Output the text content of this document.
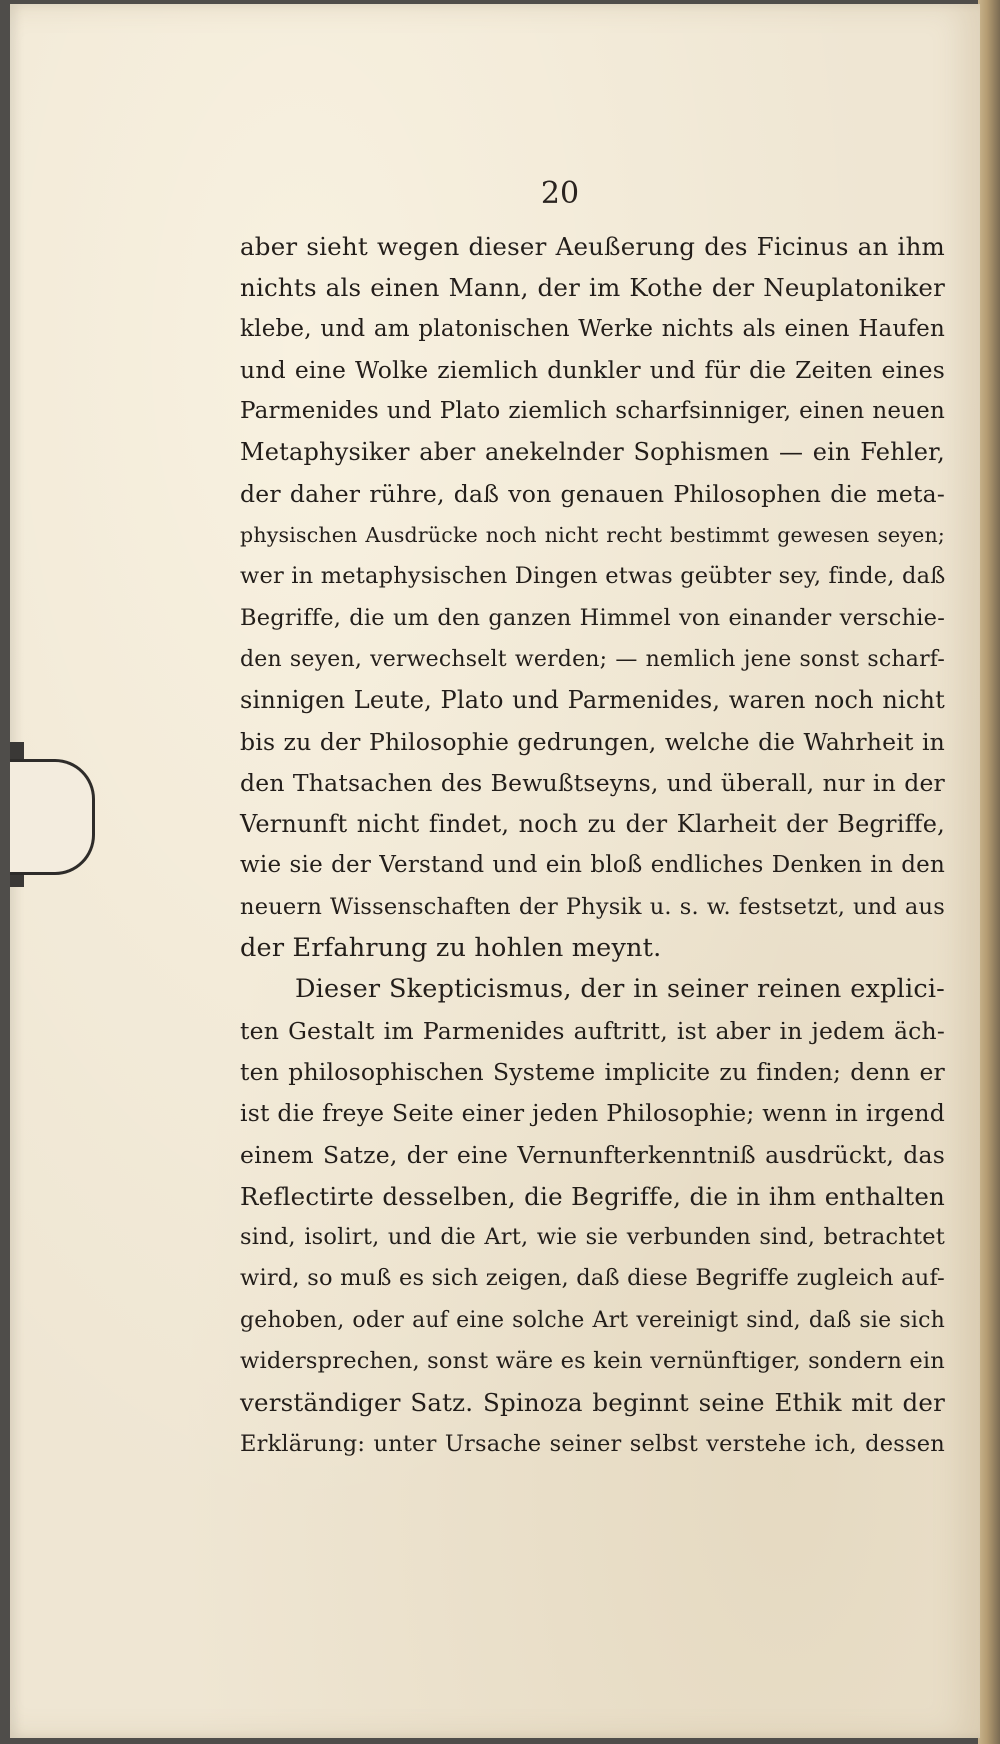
20

aber sieht wegen dieser Aeußerung des Ficinus an ihm
nichts als einen Mann, der im Kothe der Neuplatoniker
klebe, und am platonischen Werke nichts als einen Haufen
und eine Wolke ziemlich dunkler und für die Zeiten eines
Parmenides und Plato ziemlich scharfsinniger, einen neuen
Metaphysiker aber anekelnder Sophismen — ein Fehler,
der daher rühre, daß von genauen Philosophen die meta-
physischen Ausdrücke noch nicht recht bestimmt gewesen seyen;
wer in metaphysischen Dingen etwas geübter sey, finde, daß
Begriffe, die um den ganzen Himmel von einander verschie-
den seyen, verwechselt werden; — nemlich jene sonst scharf-
sinnigen Leute, Plato und Parmenides, waren noch nicht
bis zu der Philosophie gedrungen, welche die Wahrheit in
den Thatsachen des Bewußtseyns, und überall, nur in der
Vernunft nicht findet, noch zu der Klarheit der Begriffe,
wie sie der Verstand und ein bloß endliches Denken in den
neuern Wissenschaften der Physik u. s. w. festsetzt, und aus
der Erfahrung zu hohlen meynt.
Dieser Skepticismus, der in seiner reinen explici-
ten Gestalt im Parmenides auftritt, ist aber in jedem äch-
ten philosophischen Systeme implicite zu finden; denn er
ist die freye Seite einer jeden Philosophie; wenn in irgend
einem Satze, der eine Vernunfterkenntniß ausdrückt, das
Reflectirte desselben, die Begriffe, die in ihm enthalten
sind, isolirt, und die Art, wie sie verbunden sind, betrachtet
wird, so muß es sich zeigen, daß diese Begriffe zugleich auf-
gehoben, oder auf eine solche Art vereinigt sind, daß sie sich
widersprechen, sonst wäre es kein vernünftiger, sondern ein
verständiger Satz. Spinoza beginnt seine Ethik mit der
Erklärung: unter Ursache seiner selbst verstehe ich, dessen
